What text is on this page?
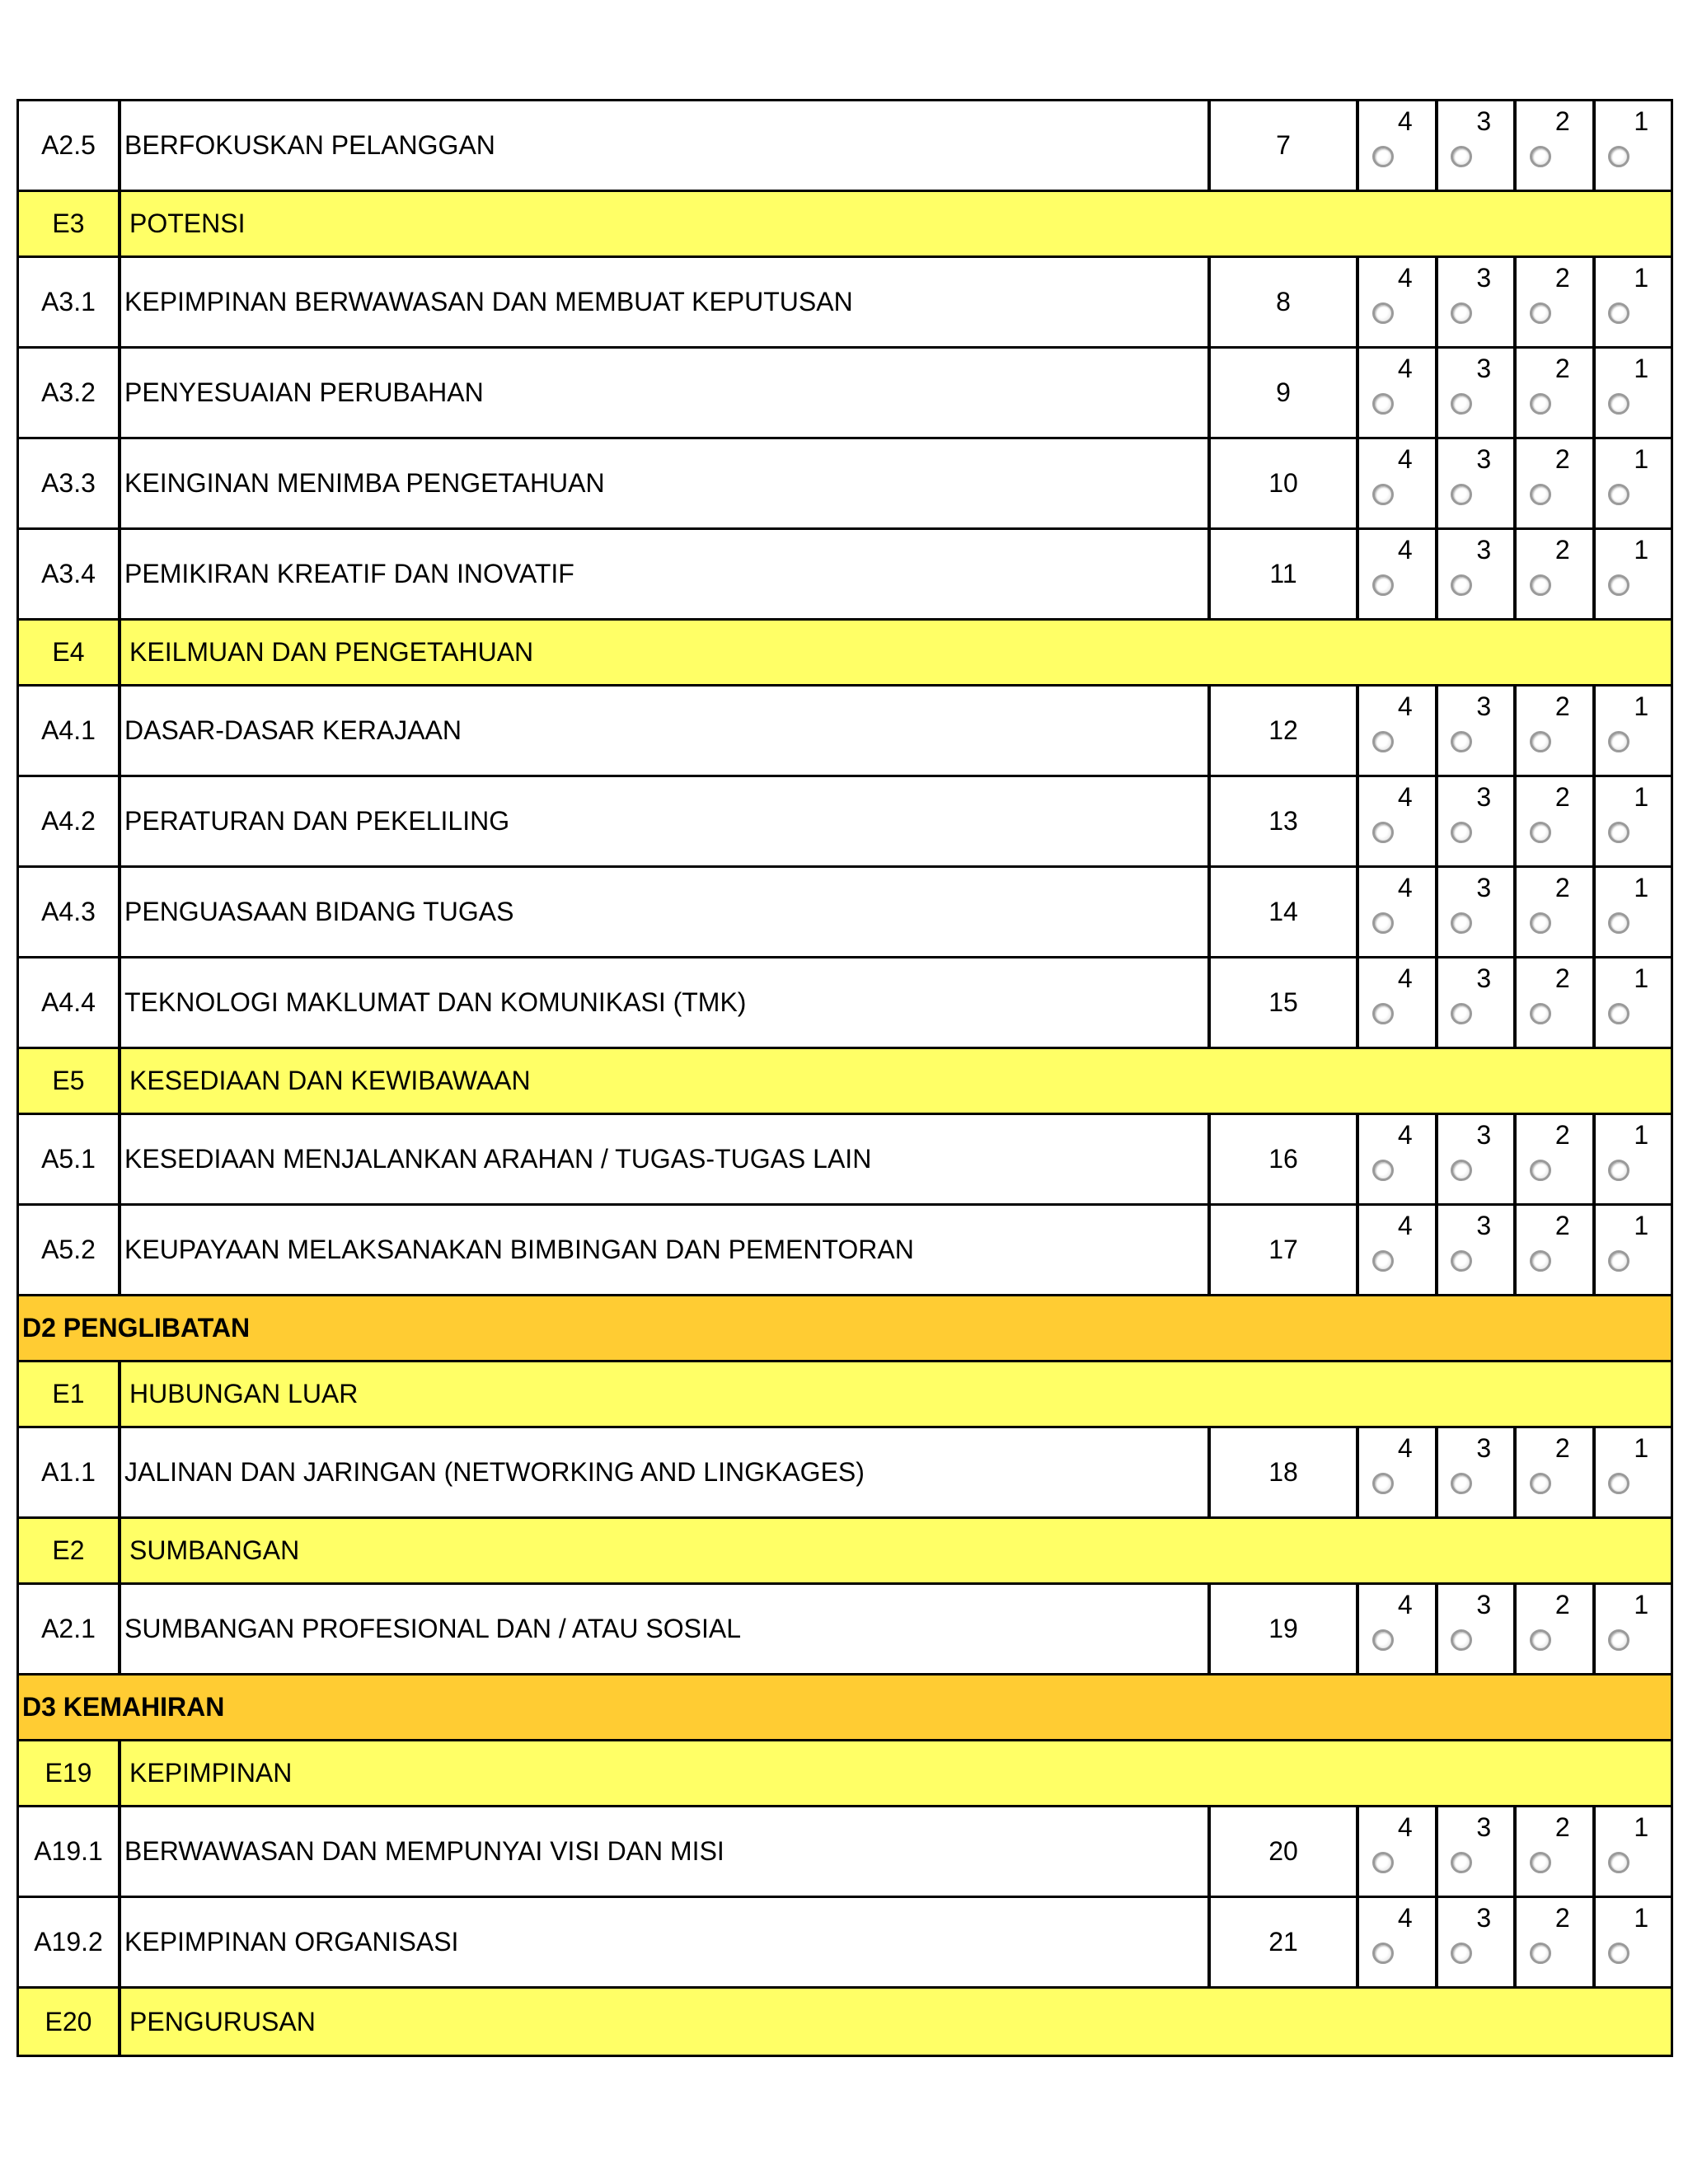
A2.5	BERFOKUSKAN PELANGGAN	7
4 3 2 1
E3	POTENSI
A3.1	KEPIMPINAN BERWAWASAN DAN MEMBUAT KEPUTUSAN	8
4 3 2 1
A3.2	PENYESUAIAN PERUBAHAN	9
4 3 2 1
A3.3	KEINGINAN MENIMBA PENGETAHUAN	10
4 3 2 1
A3.4	PEMIKIRAN KREATIF DAN INOVATIF	11
4 3 2 1
E4	KEILMUAN DAN PENGETAHUAN
A4.1	DASAR-DASAR KERAJAAN	12
4 3 2 1
A4.2	PERATURAN DAN PEKELILING	13
4 3 2 1
A4.3	PENGUASAAN BIDANG TUGAS	14
4 3 2 1
A4.4	TEKNOLOGI MAKLUMAT DAN KOMUNIKASI (TMK)	15
4 3 2 1
E5	KESEDIAAN DAN KEWIBAWAAN
A5.1	KESEDIAAN MENJALANKAN ARAHAN / TUGAS-TUGAS LAIN	16
4 3 2 1
A5.2	KEUPAYAAN MELAKSANAKAN BIMBINGAN DAN PEMENTORAN	17
4 3 2 1
D2 PENGLIBATAN
E1	HUBUNGAN LUAR
A1.1	JALINAN DAN JARINGAN (NETWORKING AND LINGKAGES)	18
4 3 2 1
E2	SUMBANGAN
A2.1	SUMBANGAN PROFESIONAL DAN / ATAU SOSIAL	19
4 3 2 1
D3 KEMAHIRAN
E19	KEPIMPINAN
A19.1 BERWAWASAN DAN MEMPUNYAI VISI DAN MISI	20
4 3 2 1
A19.2 KEPIMPINAN ORGANISASI	21
4 3 2 1
E20	PENGURUSAN
